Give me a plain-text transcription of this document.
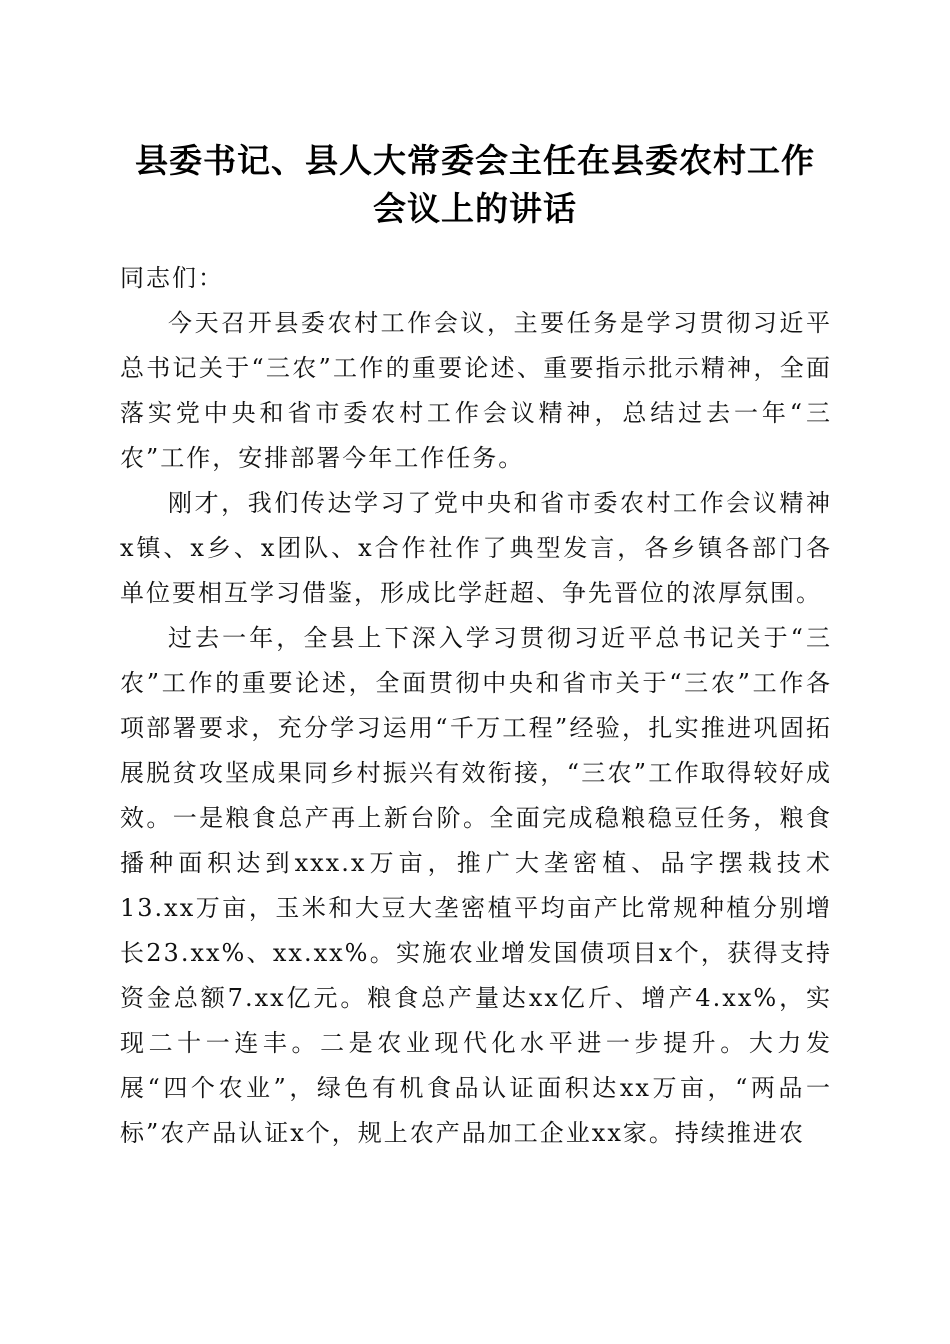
县委书记、县人大常委会主任在县委农村工作
会议上的讲话

同志们：

今天召开县委农村工作会议，主要任务是学习贯彻习近平总书记关于“三农”工作的重要论述、重要指示批示精神，全面落实党中央和省市委农村工作会议精神，总结过去一年“三农”工作，安排部署今年工作任务。

刚才，我们传达学习了党中央和省市委农村工作会议精神x镇、x乡、x团队、x合作社作了典型发言，各乡镇各部门各单位要相互学习借鉴，形成比学赶超、争先晋位的浓厚氛围。

过去一年，全县上下深入学习贯彻习近平总书记关于“三农”工作的重要论述，全面贯彻中央和省市关于“三农”工作各项部署要求，充分学习运用“千万工程”经验，扎实推进巩固拓展脱贫攻坚成果同乡村振兴有效衔接，“三农”工作取得较好成效。一是粮食总产再上新台阶。全面完成稳粮稳豆任务，粮食播种面积达到xxx.x万亩，推广大垄密植、品字摆栽技术13.xx万亩，玉米和大豆大垄密植平均亩产比常规种植分别增长23.xx%、xx.xx%。实施农业增发国债项目x个，获得支持资金总额7.xx亿元。粮食总产量达xx亿斤、增产4.xx%，实现二十一连丰。二是农业现代化水平进一步提升。大力发展“四个农业”，绿色有机食品认证面积达xx万亩，“两品一标”农产品认证x个，规上农产品加工企业xx家。持续推进农
